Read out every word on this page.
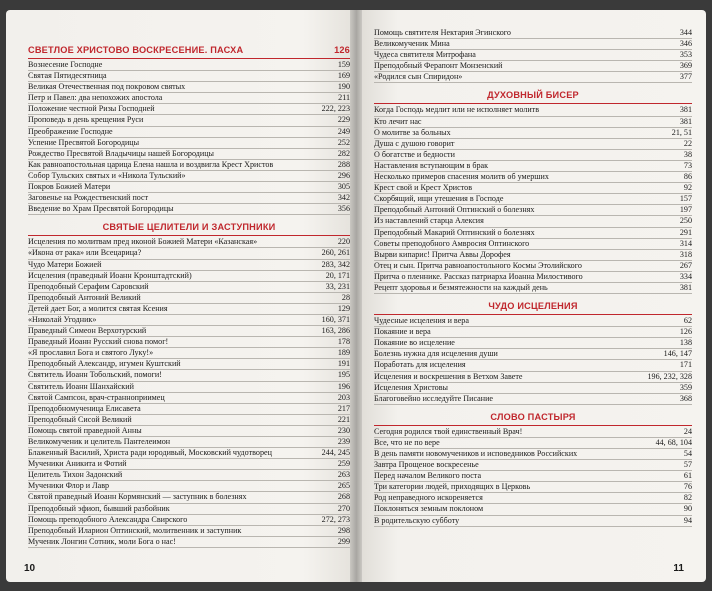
СВЕТЛОЕ ХРИСТОВО ВОСКРЕСЕНИЕ. ПАСХА	126
Вознесение Господне	159
Святая Пятидесятница	169
Великая Отечественная под покровом святых	190
Петр и Павел: два непохожих апостола	211
Положение честной Ризы Господней	222, 223
Проповедь в день крещения Руси	229
Преображение Господне	249
Успение Пресвятой Богородицы	252
Рождество Пресвятой Владычицы нашей Богородицы	282
Как равноапостольная царица Елена нашла и воздвигла Крест Христов	288
Собор Тульских святых и «Никола Тульский»	296
Покров Божией Матери	305
Заговенье на Рождественский пост	342
Введение во Храм Пресвятой Богородицы	356
СВЯТЫЕ ЦЕЛИТЕЛИ И ЗАСТУПНИКИ
Исцеления по молитвам пред иконой Божией Матери «Казанская»	220
«Икона от рака» или Всецарица?	260, 261
Чудо Матери Божией	283, 342
Исцеления (праведный Иоанн Кронштадтский)	20, 171
Преподобный Серафим Саровский	33, 231
Преподобный Антоний Великий	28
Детей дает Бог, а молится святая Ксения	129
«Николай Угодник»	160, 371
Праведный Симеон Верхотурский	163, 286
Праведный Иоанн Русский снова помог!	178
«Я прославил Бога и святого Луку!»	189
Преподобный Александр, игумен Куштский	191
Святитель Иоанн Тобольский, помоги!	195
Святитель Иоанн Шанхайский	196
Святой Сампсон, врач-странноприимец	203
Преподобномученица Елисавета	217
Преподобный Сисой Великий	221
Помощь святой праведной Анны	230
Великомученик и целитель Пантелеимон	239
Блаженный Василий, Христа ради юродивый, Московский чудотворец	244, 245
Мученики Аникита и Фотий	259
Целитель Тихон Задонский	263
Мученики Флор и Лавр	265
Святой праведный Иоанн Кормянский — заступник в болезнях	268
Преподобный эфиоп, бывший разбойник	270
Помощь преподобного Александра Свирского	272, 273
Преподобный Иларион Оптинский, молитвенник и заступник	298
Мученик Лонгин Сотник, моли Бога о нас!	299
10
Помощь святителя Нектария Эгинского	344
Великомученик Мина	346
Чудеса святителя Митрофана	353
Преподобный Ферапонт Монзенский	369
«Родился сын Спиридон»	377
ДУХОВНЫЙ БИСЕР
Когда Господь медлит или не исполняет молитв	381
Кто лечит нас	381
О молитве за больных	21, 51
Душа с душою говорит	22
О богатстве и бедности	38
Наставления вступающим в брак	73
Несколько примеров спасения молитв об умерших	86
Крест свой и Крест Христов	92
Скорбящий, ищи утешения в Господе	157
Преподобный Антоний Оптинский о болезнях	197
Из наставлений старца Алексия	250
Преподобный Макарий Оптинский о болезнях	291
Советы преподобного Амвросия Оптинского	314
Вырви кипарис! Притча Аввы Дорофея	318
Отец и сын. Притча равноапостольного Космы Этолийского	267
Притча о пленнике. Рассказ патриарха Иоанна Милостивого	334
Рецепт здоровья и безмятежности на каждый день	381
ЧУДО ИСЦЕЛЕНИЯ
Чудесные исцеления и вера	62
Покаяние и вера	126
Покаяние во исцеление	138
Болезнь нужна для исцеления души	146, 147
Поработать для исцеления	171
Исцеления и воскрешения в Ветхом Завете	196, 232, 328
Исцеления Христовы	359
Благоговейно исследуйте Писание	368
СЛОВО ПАСТЫРЯ
Сегодня родился твой единственный Врач!	24
Все, что не по вере	44, 68, 104
В день памяти новомучеников и исповедников Российских	54
Завтра Прощеное воскресенье	57
Перед началом Великого поста	61
Три категории людей, приходящих в Церковь	76
Род неправедного искореняется	82
Поклоняться земным поклоном	90
В родительскую субботу	94
11
